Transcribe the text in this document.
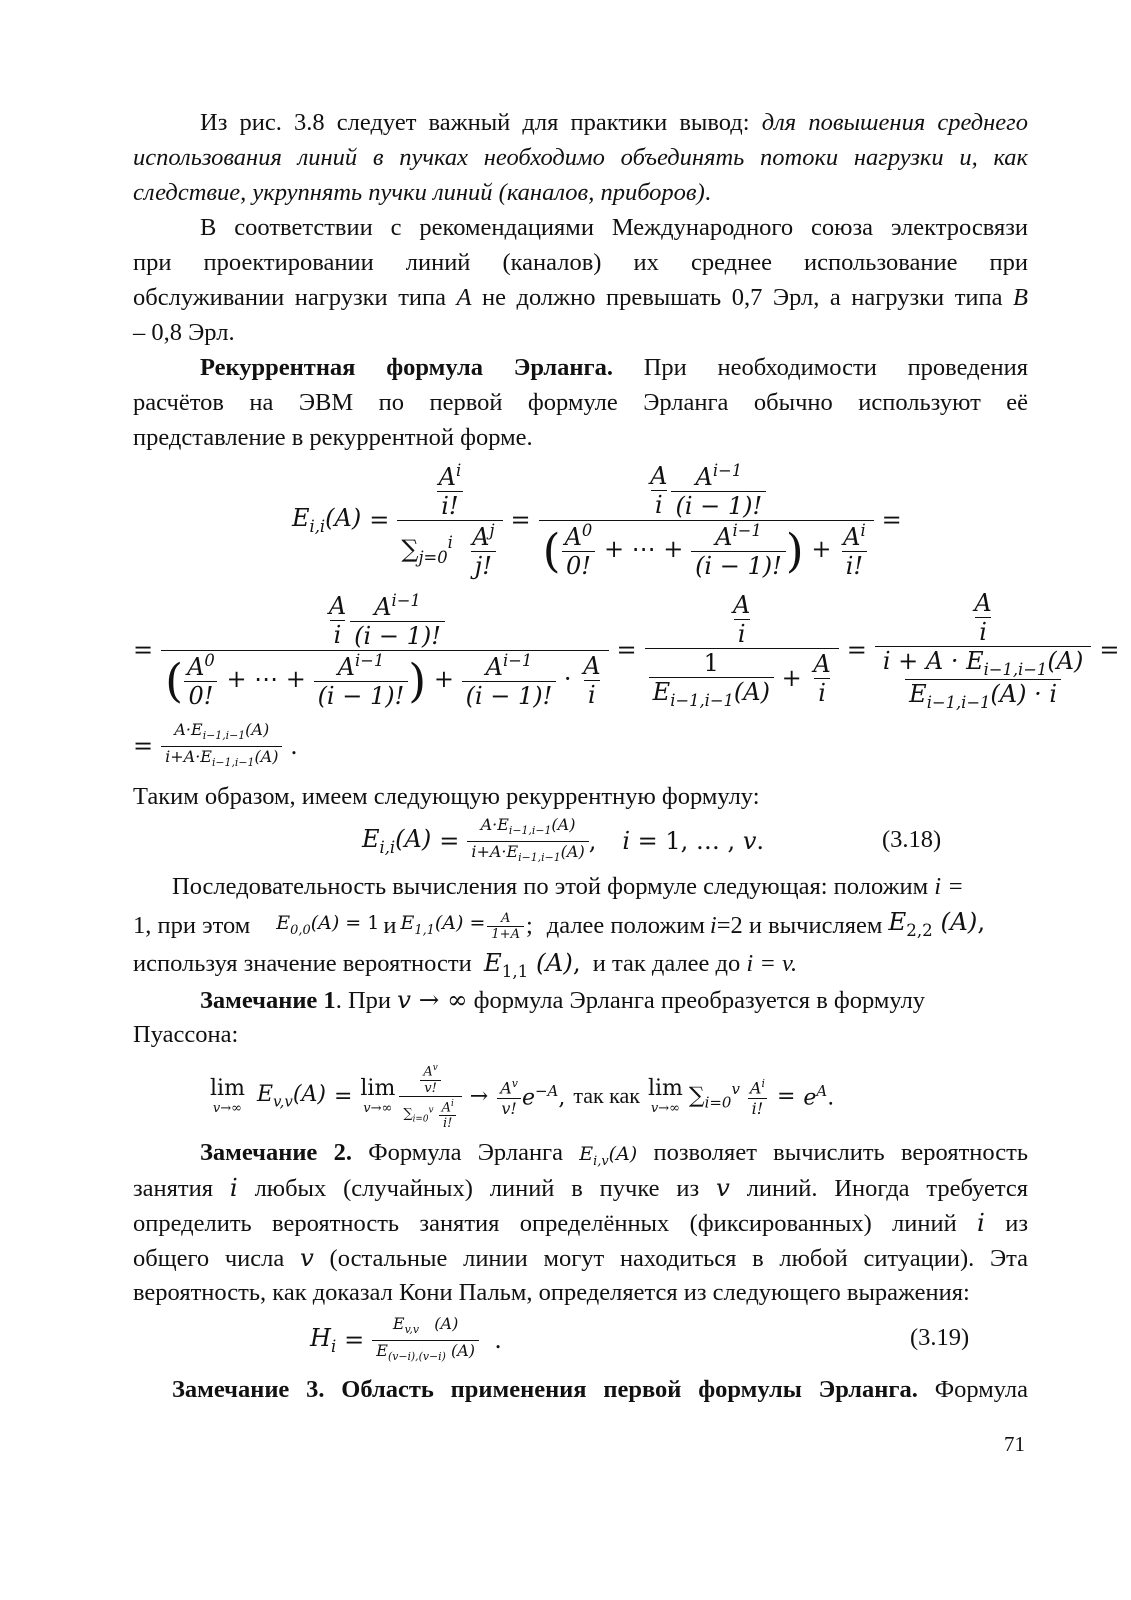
Из рис. 3.8 следует важный для практики вывод: для повышения среднего
использования линий в пучках необходимо объединять потоки нагрузки и, как
следствие, укрупнять пучки линий (каналов, приборов).
В соответствии с рекомендациями Международного союза электросвязи
при проектировании линий (каналов) их среднее использование при
обслуживании нагрузки типа A не должно превышать 0,7 Эрл, а нагрузки типа B
– 0,8 Эрл.
Рекуррентная формула Эрланга. При необходимости проведения
расчётов на ЭВМ по первой формуле Эрланга обычно используют её
представление в рекуррентной форме.
$E_{i,i}(A) = \frac{\frac{A^i}{i!}}{\sum_{j=0}^i \frac{A^j}{j!}} = \frac{\frac{A}{i} \frac{A^{i-1}}{(i - 1)!}}{( \frac{A^0}{0!} + \cdots + \frac{A^{i-1}}{(i - 1)!} ) + \frac{A^i}{i!}}$ =
= $\frac{\frac{A}{i} \frac{A^{i-1}}{(i - 1)!}}{( \frac{A^0}{0!} + \cdots + \frac{A^{i-1}}{(i - 1)!} ) + \frac{A^{i-1}}{(i - 1)!} \cdot \frac{A}{i}} = \frac{\frac{A}{i}}{\frac{1}{E_{i-1,i-1}(A)} + \frac{A}{i}} = \frac{\frac{A}{i}}{\frac{i + A \cdot E_{i-1,i-1}(A)}{E_{i-1,i-1}(A) \cdot i}}$ =
= $\frac{A\cdot E_{i-1,i-1}(A)}{i+A\cdot E_{i-1,i-1}(A)}$ .
Таким образом, имеем следующую рекуррентную формулу:
$E_{i,i}(A) = \frac{A\cdot E_{i-1,i-1}(A)}{i+A\cdot E_{i-1,i-1}(A)}$ , i = 1, … , v.	(3.18)
Последовательность вычисления по этой формуле следующая: положим i =
1, при этом $E_{0,0}(A) = 1$ и $E_{1,1}(A) = \frac{A}{1+A}$ ; далее положим i =2 и вычисляем $E_{2,2}$ (A),
используя значение вероятности $E_{1,1}$ (A), и так далее до i = v.
Замечание 1. При v → ∞ формула Эрланга преобразуется в формулу
Пуассона:
lim
v→∞
$E_{v,v}(A) = \lim$
$v\to\infty \frac{\frac{A^v}{v!}}{\sum_{i=0}^v \frac{A^i}{i!}} \to \frac{A^v}{v!} e^{-A}$, так как lim
v→∞
$\sum_{i=0}^v \frac{A^i}{i!} = e^A$.
Замечание 2. Формула Эрланга $E_{i,v}(A)$ позволяет вычислить вероятность
занятия i любых (случайных) линий в пучке из v линий. Иногда требуется
определить вероятность занятия определённых (фиксированных) линий i из
общего числа v (остальные линии могут находиться в любой ситуации). Эта
вероятность, как доказал Кони Пальм, определяется из следующего выражения:
$H_i = \frac{E_{v,v} (A)}{E_{(v-i),(v-i)} (A)}$ .	(3.19)
Замечание 3. Область применения первой формулы Эрланга. Формула
71
